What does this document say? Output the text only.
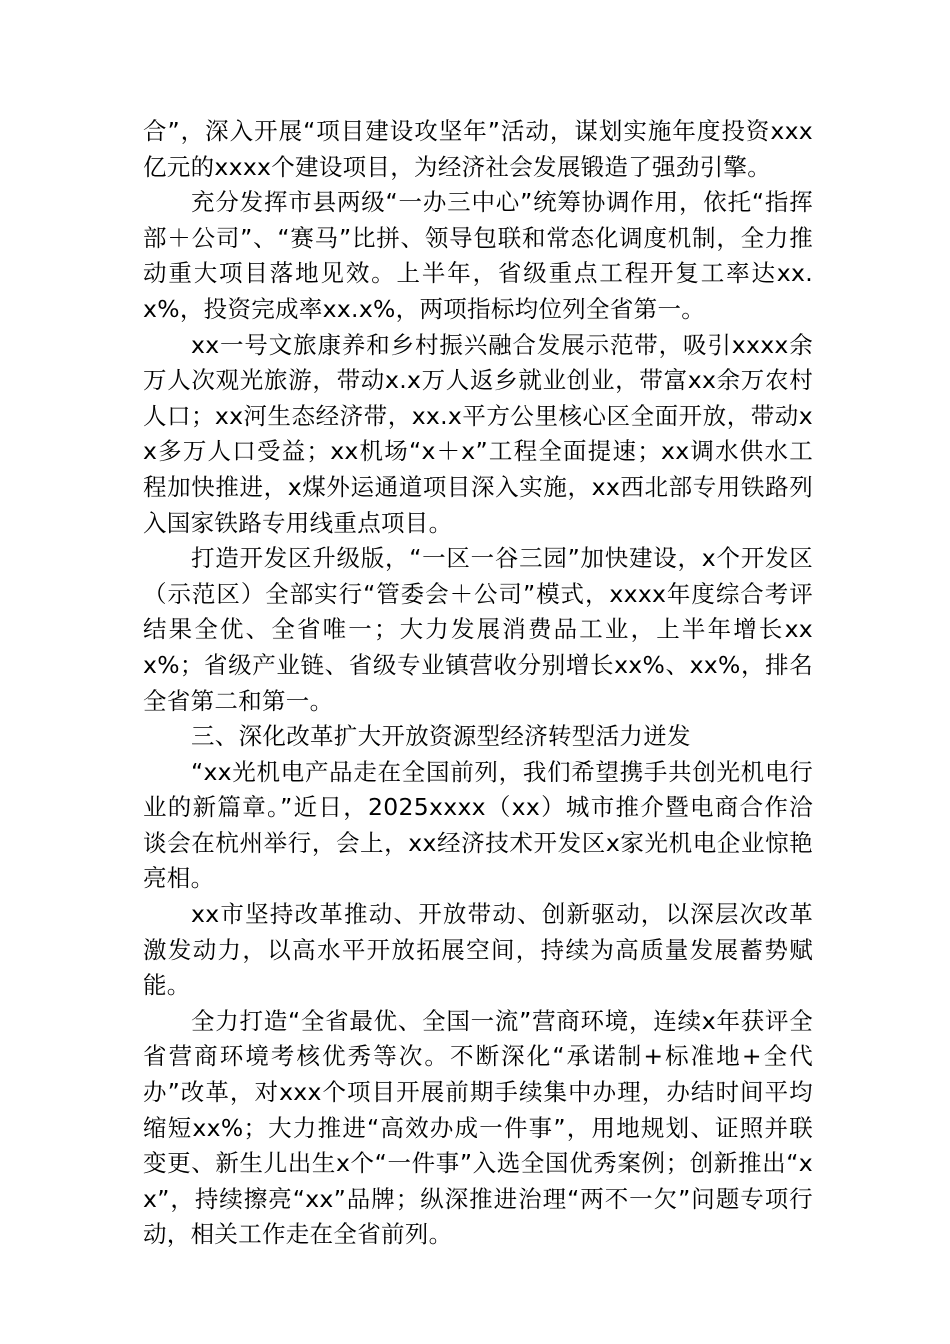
合”，深入开展“项目建设攻坚年”活动，谋划实施年度投资xxx亿元的xxxx个建设项目，为经济社会发展锻造了强劲引擎。

充分发挥市县两级“一办三中心”统筹协调作用，依托“指挥部＋公司”、“赛马”比拼、领导包联和常态化调度机制，全力推动重大项目落地见效。上半年，省级重点工程开复工率达xx.x%，投资完成率xx.x%，两项指标均位列全省第一。

xx一号文旅康养和乡村振兴融合发展示范带，吸引xxxx余万人次观光旅游，带动x.x万人返乡就业创业，带富xx余万农村人口；xx河生态经济带，xx.x平方公里核心区全面开放，带动xx多万人口受益；xx机场“x＋x”工程全面提速；xx调水供水工程加快推进，x煤外运通道项目深入实施，xx西北部专用铁路列入国家铁路专用线重点项目。

打造开发区升级版，“一区一谷三园”加快建设，x个开发区（示范区）全部实行“管委会＋公司”模式，xxxx年度综合考评结果全优、全省唯一；大力发展消费品工业，上半年增长xxx%；省级产业链、省级专业镇营收分别增长xx%、xx%，排名全省第二和第一。

三、深化改革扩大开放资源型经济转型活力迸发

“xx光机电产品走在全国前列，我们希望携手共创光机电行业的新篇章。”近日，2025xxxx（xx）城市推介暨电商合作洽谈会在杭州举行，会上，xx经济技术开发区x家光机电企业惊艳亮相。

xx市坚持改革推动、开放带动、创新驱动，以深层次改革激发动力，以高水平开放拓展空间，持续为高质量发展蓄势赋能。

全力打造“全省最优、全国一流”营商环境，连续x年获评全省营商环境考核优秀等次。不断深化“承诺制+标准地+全代办”改革，对xxx个项目开展前期手续集中办理，办结时间平均缩短xx%；大力推进“高效办成一件事”，用地规划、证照并联变更、新生儿出生x个“一件事”入选全国优秀案例；创新推出“xx”，持续擦亮“xx”品牌；纵深推进治理“两不一欠”问题专项行动，相关工作走在全省前列。
